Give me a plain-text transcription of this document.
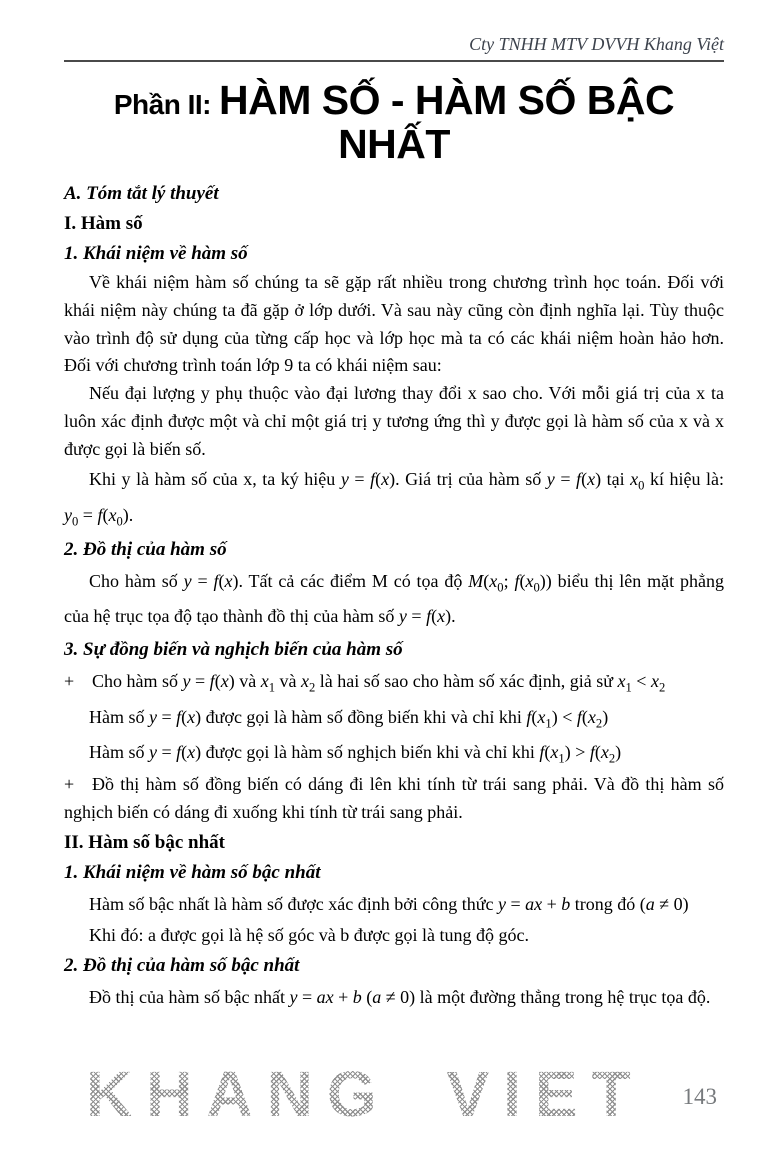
Cty TNHH MTV DVVH Khang Việt
Phần II: HÀM SỐ - HÀM SỐ BẬC
NHẤT
A. Tóm tắt lý thuyết
I. Hàm số
1. Khái niệm về hàm số

Về khái niệm hàm số chúng ta sẽ gặp rất nhiều trong chương trình học toán. Đối với khái niệm này chúng ta đã gặp ở lớp dưới. Và sau này cũng còn định nghĩa lại. Tùy thuộc vào trình độ sử dụng của từng cấp học và lớp học mà ta có các khái niệm hoàn hảo hơn. Đối với chương trình toán lớp 9 ta có khái niệm sau:

Nếu đại lượng y phụ thuộc vào đại lương thay đổi x sao cho. Với mỗi giá trị của x ta luôn xác định được một và chỉ một giá trị y tương ứng thì y được gọi là hàm số của x và x được gọi là biến số.

Khi y là hàm số của x, ta ký hiệu y = f(x). Giá trị của hàm số y = f(x) tại $x_0$ kí hiệu là: $y_0 = f(x_0)$.

2. Đồ thị của hàm số

Cho hàm số y = f(x). Tất cả các điểm M có tọa độ $M(x_0$; $f(x_0)$) biểu thị lên mặt phẳng của hệ trục tọa độ tạo thành đồ thị của hàm số y = f(x).

3. Sự đồng biến và nghịch biến của hàm số

+ Cho hàm số y = f(x) và $x_1$ và $x_2$ là hai số sao cho hàm số xác định, giả sử $x_1 < x_2$

Hàm số y = f(x) được gọi là hàm số đồng biến khi và chỉ khi $f(x_1) < f(x_2)$

Hàm số y = f(x) được gọi là hàm số nghịch biến khi và chỉ khi $f(x_1) > f(x_2)$

+ Đồ thị hàm số đồng biến có dáng đi lên khi tính từ trái sang phải. Và đồ thị hàm số nghịch biến có dáng đi xuống khi tính từ trái sang phải.

II. Hàm số bậc nhất
1. Khái niệm về hàm số bậc nhất

Hàm số bậc nhất là hàm số được xác định bởi công thức y = ax + b trong đó (a ≠ 0)

Khi đó: a được gọi là hệ số góc và b được gọi là tung độ góc.

2. Đồ thị của hàm số bậc nhất

Đồ thị của hàm số bậc nhất y = ax + b (a ≠ 0) là một đường thẳng trong hệ trục tọa độ.

KHANG VIET 143
